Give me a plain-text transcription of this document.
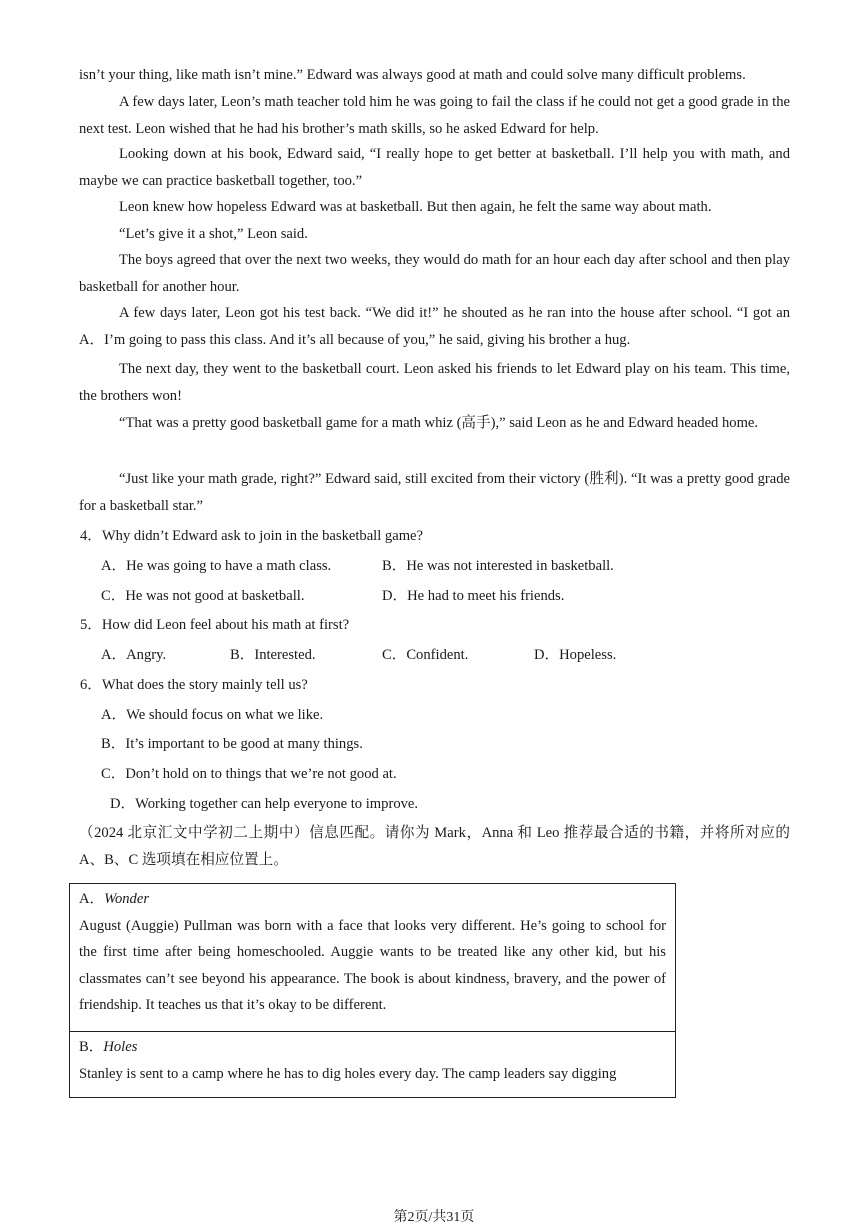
isn’t your thing, like math isn’t mine.” Edward was always good at math and could solve many difficult problems.

A few days later, Leon’s math teacher told him he was going to fail the class if he could not get a good grade in the next test. Leon wished that he had his brother’s math skills, so he asked Edward for help.

Looking down at his book, Edward said, “I really hope to get better at basketball. I’ll help you with math, and maybe we can practice basketball together, too.”

Leon knew how hopeless Edward was at basketball. But then again, he felt the same way about math.

“Let’s give it a shot,” Leon said.

The boys agreed that over the next two weeks, they would do math for an hour each day after school and then play basketball for another hour.

A few days later, Leon got his test back. “We did it!” he shouted as he ran into the house after school. “I got an A．I’m going to pass this class. And it’s all because of you,” he said, giving his brother a hug.

The next day, they went to the basketball court. Leon asked his friends to let Edward play on his team. This time, the brothers won!

“That was a pretty good basketball game for a math whiz (高手),” said Leon as he and Edward headed home.

“Just like your math grade, right?” Edward said, still excited from their victory (胜利). “It was a pretty good grade for a basketball star.”

4．Why didn’t Edward ask to join in the basketball game?
A．He was going to have a math class.	B．He was not interested in basketball.
C．He was not good at basketball.	D．He had to meet his friends.
5．How did Leon feel about his math at first?
A．Angry.	B．Interested.	C．Confident.	D．Hopeless.
6．What does the story mainly tell us?
A．We should focus on what we like.
B．It’s important to be good at many things.
C．Don’t hold on to things that we’re not good at.
D．Working together can help everyone to improve.

（2024 北京汇文中学初二上期中）信息匹配。请你为 Mark，Anna 和 Leo 推荐最合适的书籍，并将所对应的 A、B、C 选项填在相应位置上。

A．Wonder

August (Auggie) Pullman was born with a face that looks very different. He’s going to school for the first time after being homeschooled. Auggie wants to be treated like any other kid, but his classmates can’t see beyond his appearance. The book is about kindness, bravery, and the power of friendship. It teaches us that it’s okay to be different.

B．Holes

Stanley is sent to a camp where he has to dig holes every day. The camp leaders say digging

第2页/共31页
